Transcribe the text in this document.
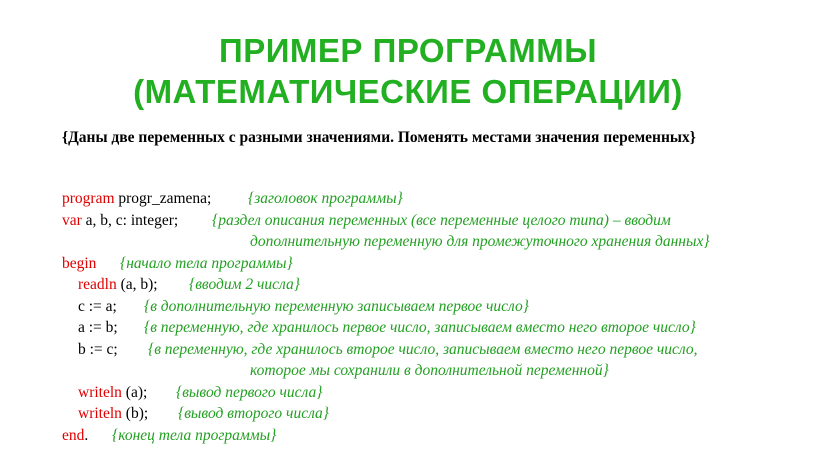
ПРИМЕР ПРОГРАММЫ
(МАТЕМАТИЧЕСКИЕ ОПЕРАЦИИ)
{Даны две переменных с разными значениями. Поменять местами значения переменных}
program progr_zamena; {заголовок программы}
var a, b, c: integer; {раздел описания переменных (все переменные целого типа) – вводим
дополнительную переменную для промежуточного хранения данных}
begin {начало тела программы}
readln (a, b); {вводим 2 числа}
c := a; {в дополнительную переменную записываем первое число}
a := b; {в переменную, где хранилось первое число, записываем вместо него второе число}
b := c; {в переменную, где хранилось второе число, записываем вместо него первое число,
которое мы сохранили в дополнительной переменной}
writeln (a); {вывод первого числа}
writeln (b); {вывод второго числа}
end. {конец тела программы}
